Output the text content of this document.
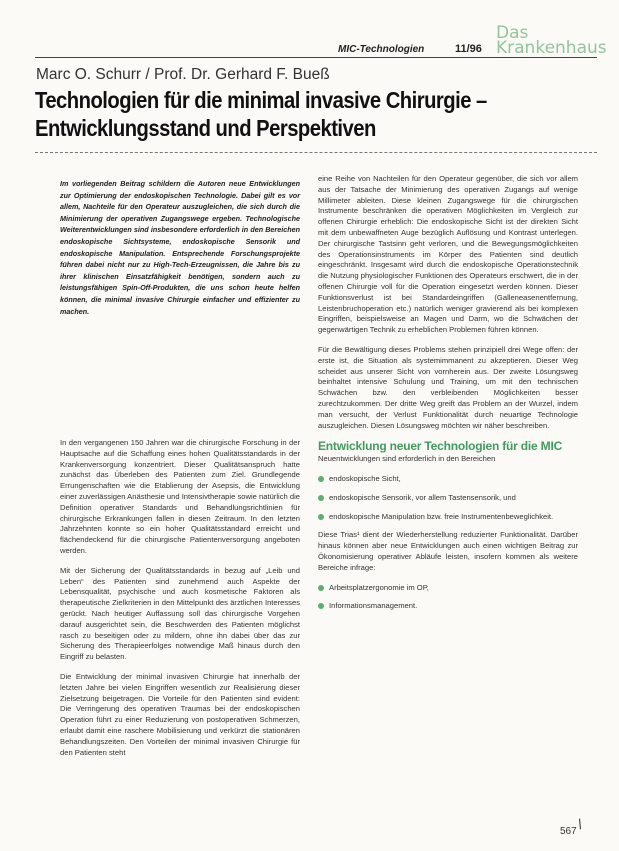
MIC-Technologien	11/96
Das
Krankenhaus
Marc O. Schurr / Prof. Dr. Gerhard F. Bueß
Technologien für die minimal invasive Chirurgie –
Entwicklungsstand und Perspektiven
Im vorliegenden Beitrag schildern die Autoren neue Entwicklungen zur Optimierung der endoskopischen Technologie. Dabei gilt es vor allem, Nachteile für den Operateur auszugleichen, die sich durch die Minimierung der operativen Zugangswege ergeben. Technologische Weiterentwicklungen sind insbesondere erforderlich in den Bereichen endoskopische Sichtsysteme, endoskopische Sensorik und endoskopische Manipulation. Entsprechende Forschungsprojekte führen dabei nicht nur zu High-Tech-Erzeugnissen, die Jahre bis zu ihrer klinischen Einsatzfähigkeit benötigen, sondern auch zu leistungsfähigen Spin-Off-Produkten, die uns schon heute helfen können, die minimal invasive Chirurgie einfacher und effizienter zu machen.

In den vergangenen 150 Jahren war die chirurgische Forschung in der Hauptsache auf die Schaffung eines hohen Qualitätsstandards in der Krankenversorgung konzentriert. Dieser Qualitätsanspruch hatte zunächst das Überleben des Patienten zum Ziel. Grundlegende Errungenschaften wie die Etablierung der Asepsis, die Entwicklung einer zuverlässigen Anästhesie und Intensivtherapie sowie natürlich die Definition operativer Standards und Behandlungsrichtlinien für chirurgische Erkrankungen fallen in diesen Zeitraum. In den letzten Jahrzehnten konnte so ein hoher Qualitätsstandard erreicht und flächendeckend für die chirurgische Patientenversorgung angeboten werden.

Mit der Sicherung der Qualitätsstandards in bezug auf „Leib und Leben“ des Patienten sind zunehmend auch Aspekte der Lebensqualität, psychische und auch kosmetische Faktoren als therapeutische Zielkriterien in den Mittelpunkt des ärztlichen Interesses gerückt. Nach heutiger Auffassung soll das chirurgische Vorgehen darauf ausgerichtet sein, die Beschwerden des Patienten möglichst rasch zu beseitigen oder zu mildern, ohne ihn dabei über das zur Sicherung des Therapieerfolges notwendige Maß hinaus durch den Eingriff zu belasten.

Die Entwicklung der minimal invasiven Chirurgie hat innerhalb der letzten Jahre bei vielen Eingriffen wesentlich zur Realisierung dieser Zielsetzung beigetragen. Die Vorteile für den Patienten sind evident: Die Verringerung des operativen Traumas bei der endoskopischen Operation führt zu einer Reduzierung von postoperativen Schmerzen, erlaubt damit eine raschere Mobilisierung und verkürzt die stationären Behandlungszeiten. Den Vorteilen der minimal invasiven Chirurgie für den Patienten steht

eine Reihe von Nachteilen für den Operateur gegenüber, die sich vor allem aus der Tatsache der Minimierung des operativen Zugangs auf wenige Millimeter ableiten. Diese kleinen Zugangswege für die chirurgischen Instrumente beschränken die operativen Möglichkeiten im Vergleich zur offenen Chirurgie erheblich: Die endoskopische Sicht ist der direkten Sicht mit dem unbewaffneten Auge bezüglich Auflösung und Kontrast unterlegen. Der chirurgische Tastsinn geht verloren, und die Bewegungsmöglichkeiten des Operationsinstruments im Körper des Patienten sind deutlich eingeschränkt. Insgesamt wird durch die endoskopische Operationstechnik die Nutzung physiologischer Funktionen des Operateurs erschwert, die in der offenen Chirurgie voll für die Operation eingesetzt werden können. Dieser Funktionsverlust ist bei Standardeingriffen (Galleneasenentfernung, Leistenbruchoperation etc.) natürlich weniger gravierend als bei komplexen Eingriffen, beispielsweise an Magen und Darm, wo die Schwächen der gegenwärtigen Technik zu erheblichen Problemen führen können.

Für die Bewältigung dieses Problems stehen prinzipiell drei Wege offen: der erste ist, die Situation als systemimmanent zu akzeptieren. Dieser Weg scheidet aus unserer Sicht von vornherein aus. Der zweite Lösungsweg beinhaltet intensive Schulung und Training, um mit den technischen Schwächen bzw. den verbleibenden Möglichkeiten besser zurechtzukommen. Der dritte Weg greift das Problem an der Wurzel, indem man versucht, der Verlust Funktionalität durch neuartige Technologie auszugleichen. Diesen Lösungsweg möchten wir näher beschreiben.

Entwicklung neuer Technologien für die MIC

Neuentwicklungen sind erforderlich in den Bereichen

endoskopische Sicht,
endoskopische Sensorik, vor allem Tastensensorik, und
endoskopische Manipulation bzw. freie Instrumentenbeweglichkeit.

Diese Trias¹ dient der Wiederherstellung reduzierter Funktionalität. Darüber hinaus können aber neue Entwicklungen auch einen wichtigen Beitrag zur Ökonomisierung operativer Abläufe leisten, insofern kommen als weitere Bereiche infrage:

Arbeitsplatzergonomie im OP,
Informationsmanagement.
567
/
